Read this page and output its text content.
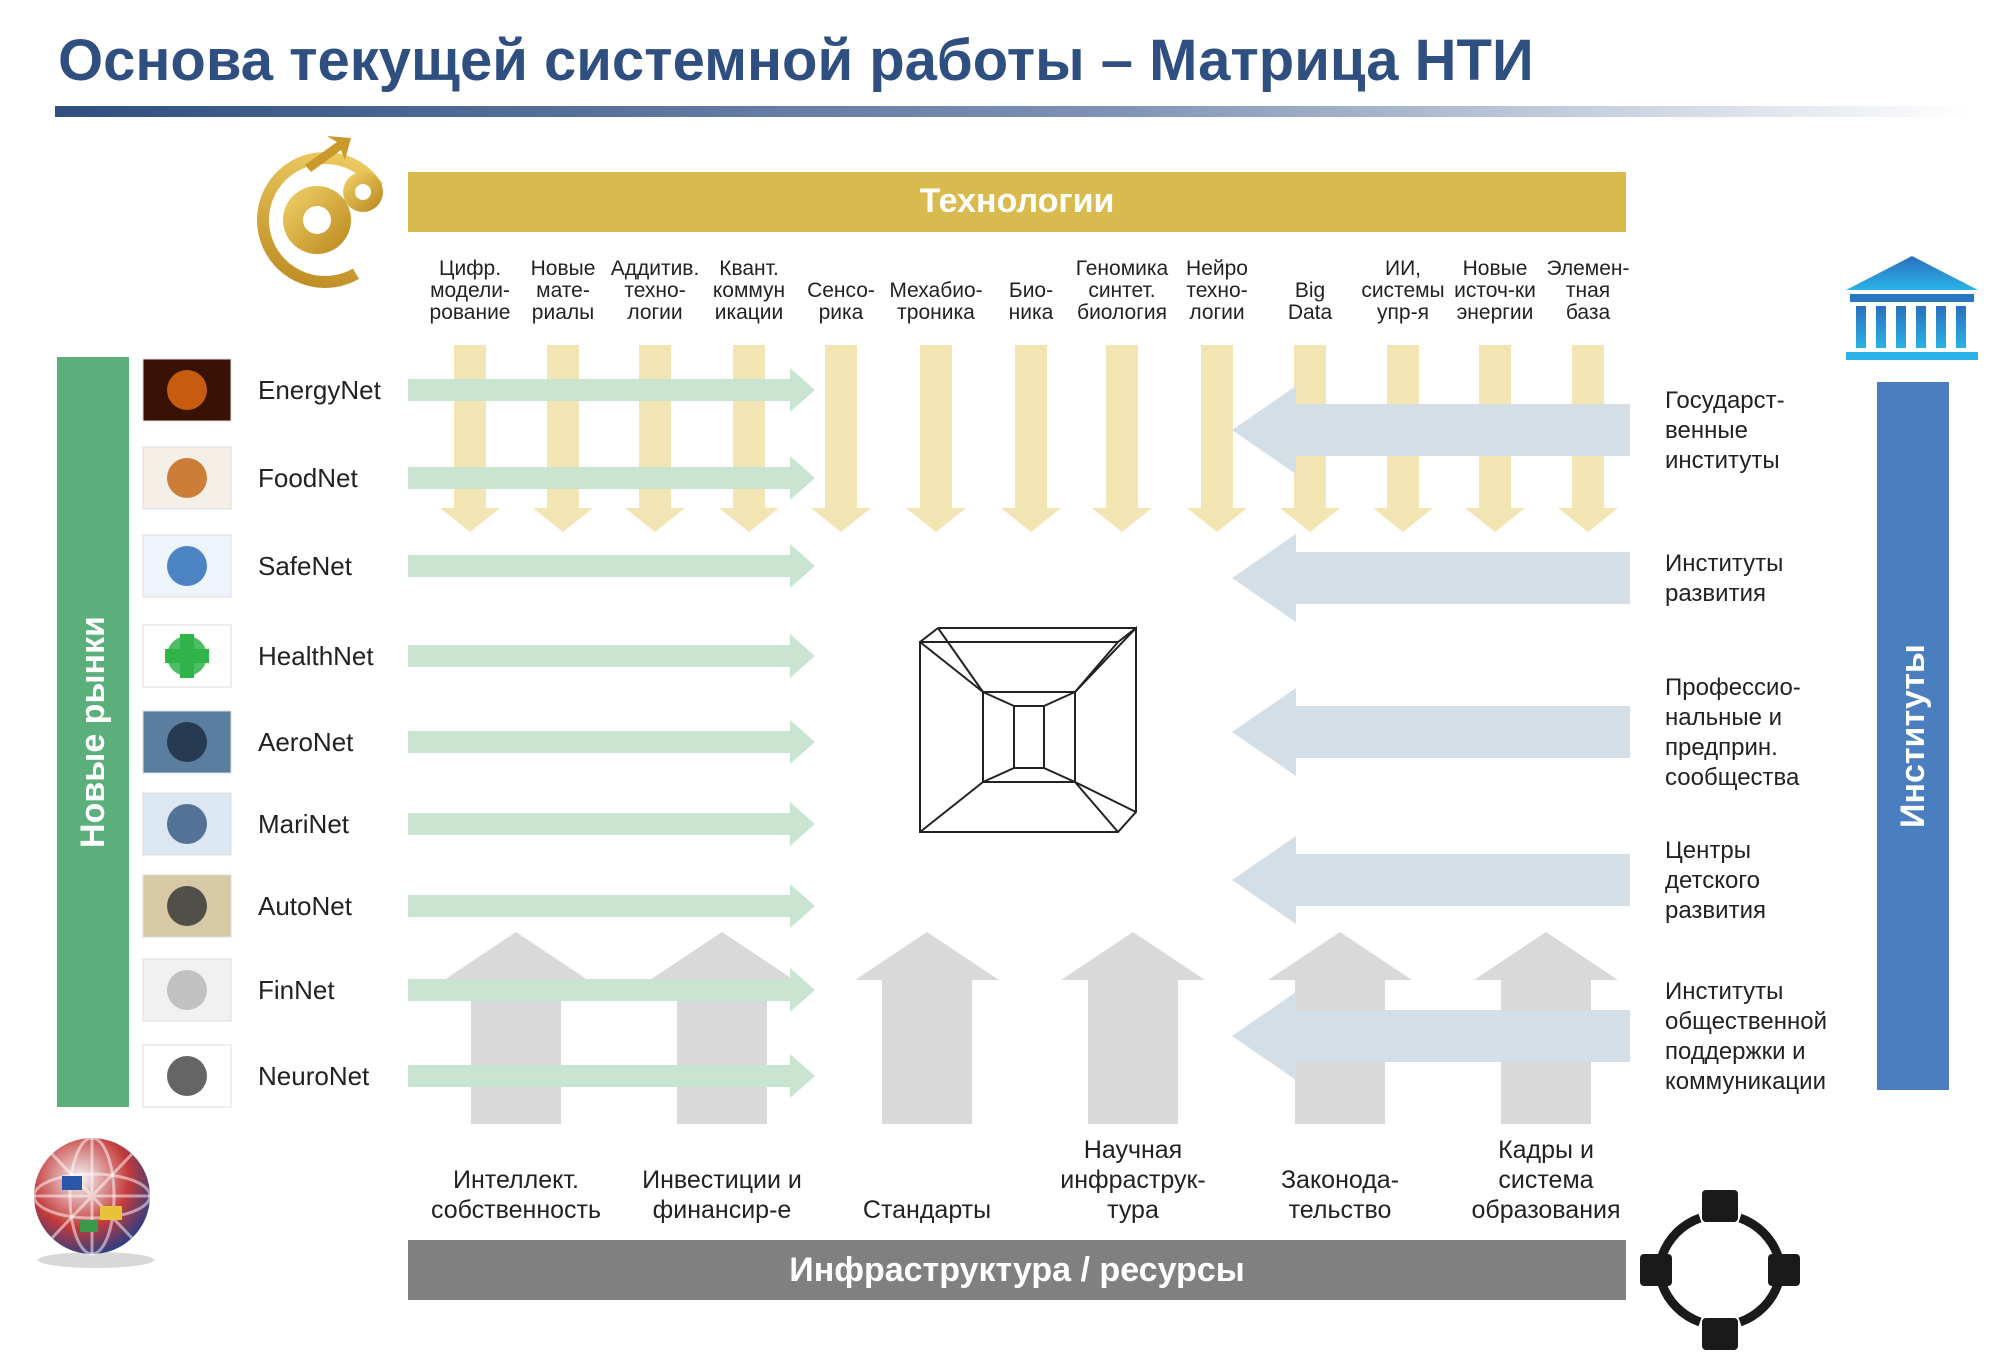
Основа текущей системной работы – Матрица НТИ
Технологии
Цифр. модели-рование
Новые мате-риалы
Аддитив. техно-логии
Квант. коммун икации
Сенсо-рика
Мехабио-троника
Био-ника
Геномика синтет. биология
Нейро техно-логии
Big Data
ИИ, системы упр-я
Новые источ-ки энергии
Элемен-тная база
Новые рынки
EnergyNet
FoodNet
SafeNet
HealthNet
AeroNet
MariNet
AutoNet
FinNet
NeuroNet
Институты
Государст-венные институты
Институты развития
Профессио-нальные и предприн. сообщества
Центры детского развития
Институты общественной поддержки и коммуникации
Инфраструктура / ресурсы
Интеллект. собственность
Инвестиции и финансир-е	Стандарты
Научная инфраструк-тура
Законода-тельство
Кадры и система образования
